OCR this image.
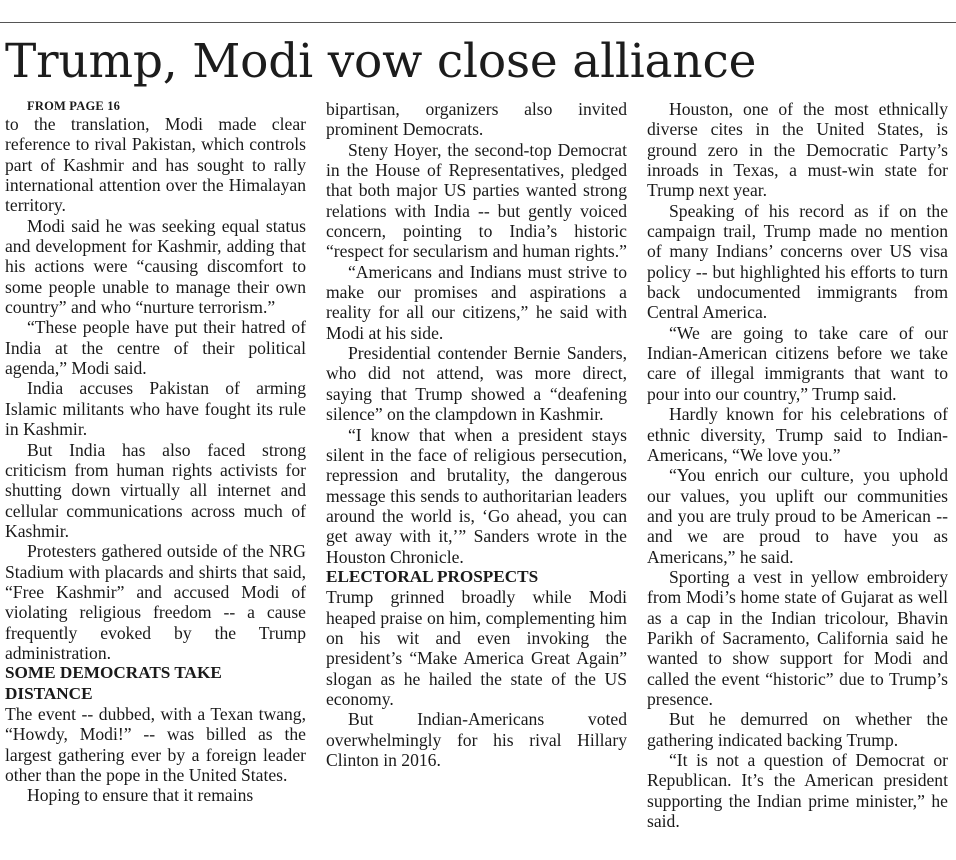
Trump, Modi vow close alliance

FROM PAGE 16

to the translation, Modi made clear reference to rival Pakistan, which controls part of Kashmir and has sought to rally international attention over the Himalayan territory.

Modi said he was seeking equal status and development for Kashmir, adding that his actions were “causing discomfort to some people unable to manage their own country” and who “nurture terrorism.”

“These people have put their hatred of India at the centre of their political agenda,” Modi said.

India accuses Pakistan of arming Islamic militants who have fought its rule in Kashmir.

But India has also faced strong criticism from human rights activists for shutting down virtually all internet and cellular communications across much of Kashmir.

Protesters gathered outside of the NRG Stadium with placards and shirts that said, “Free Kashmir” and accused Modi of violating religious freedom -- a cause frequently evoked by the Trump administration.

SOME DEMOCRATS TAKE DISTANCE

The event -- dubbed, with a Texan twang, “Howdy, Modi!” -- was billed as the largest gathering ever by a foreign leader other than the pope in the United States.

Hoping to ensure that it remains

bipartisan, organizers also invited prominent Democrats.

Steny Hoyer, the second-top Democrat in the House of Representatives, pledged that both major US parties wanted strong relations with India -- but gently voiced concern, pointing to India’s historic “respect for secularism and human rights.”

“Americans and Indians must strive to make our promises and aspirations a reality for all our citizens,” he said with Modi at his side.

Presidential contender Bernie Sanders, who did not attend, was more direct, saying that Trump showed a “deafening silence” on the clampdown in Kashmir.

“I know that when a president stays silent in the face of religious persecution, repression and brutality, the dangerous message this sends to authoritarian leaders around the world is, ‘Go ahead, you can get away with it,’” Sanders wrote in the Houston Chronicle.

ELECTORAL PROSPECTS

Trump grinned broadly while Modi heaped praise on him, complementing him on his wit and even invoking the president’s “Make America Great Again” slogan as he hailed the state of the US economy.

But Indian-Americans voted overwhelmingly for his rival Hillary Clinton in 2016.

Houston, one of the most ethnically diverse cites in the United States, is ground zero in the Democratic Party’s inroads in Texas, a must-win state for Trump next year.

Speaking of his record as if on the campaign trail, Trump made no mention of many Indians’ concerns over US visa policy -- but highlighted his efforts to turn back undocumented immigrants from Central America.

“We are going to take care of our Indian-American citizens before we take care of illegal immigrants that want to pour into our country,” Trump said.

Hardly known for his celebrations of ethnic diversity, Trump said to Indian-Americans, “We love you.”

“You enrich our culture, you uphold our values, you uplift our communities and you are truly proud to be American -- and we are proud to have you as Americans,” he said.

Sporting a vest in yellow embroidery from Modi’s home state of Gujarat as well as a cap in the Indian tricolour, Bhavin Parikh of Sacramento, California said he wanted to show support for Modi and called the event “historic” due to Trump’s presence.

But he demurred on whether the gathering indicated backing Trump.

“It is not a question of Democrat or Republican. It’s the American president supporting the Indian prime minister,” he said.
